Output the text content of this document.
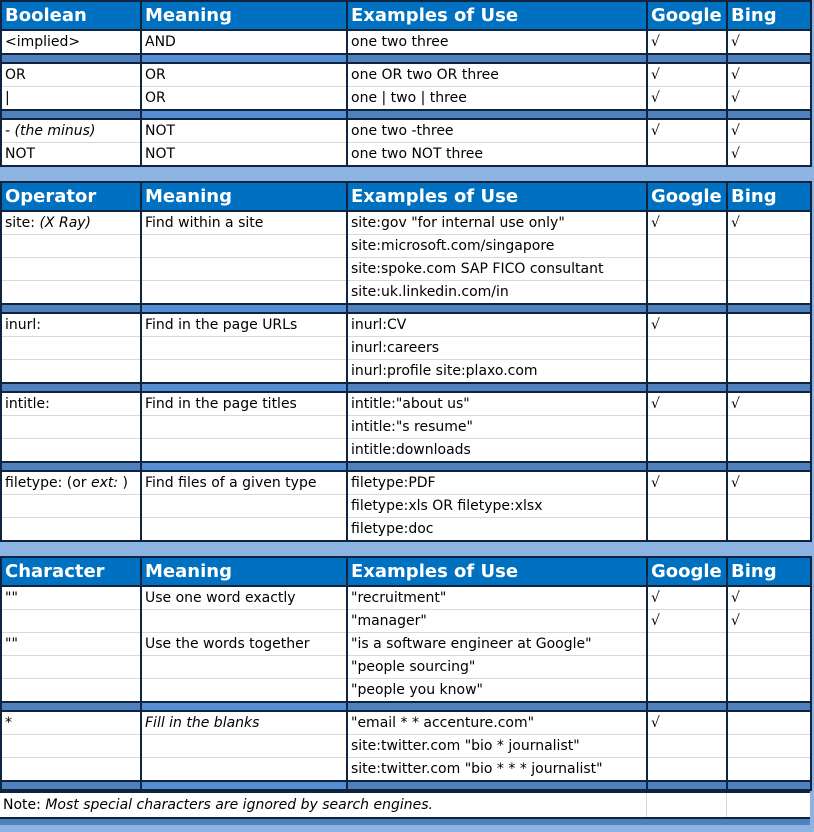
Boolean	Meaning	Examples of Use	Google	Bing
<implied>	AND	one two three	√	√

OR	OR	one OR two OR three	√	√
|	OR	one | two | three	√	√

- (the minus)	NOT	one two -three	√	√
NOT	NOT	one two NOT three		√
Operator	Meaning	Examples of Use	Google	Bing
site: (X Ray)	Find within a site	site:gov "for internal use only"	√	√
		site:microsoft.com/singapore		
		site:spoke.com SAP FICO consultant		
		site:uk.linkedin.com/in		

inurl:	Find in the page URLs	inurl:CV	√	
		inurl:careers		
		inurl:profile site:plaxo.com		

intitle:	Find in the page titles	intitle:"about us"	√	√
		intitle:"s resume"		
		intitle:downloads		

filetype: (or ext: )	Find files of a given type	filetype:PDF	√	√
		filetype:xls OR filetype:xlsx		
		filetype:doc		
Character	Meaning	Examples of Use	Google	Bing
""	Use one word exactly	"recruitment"	√	√
		"manager"	√	√
""	Use the words together	"is a software engineer at Google"		
		"people sourcing"		
		"people you know"		

*	Fill in the blanks	"email * * accenture.com"	√	
		site:twitter.com "bio * journalist"		
		site:twitter.com "bio * * * journalist"		

Note: Most special characters are ignored by search engines.
